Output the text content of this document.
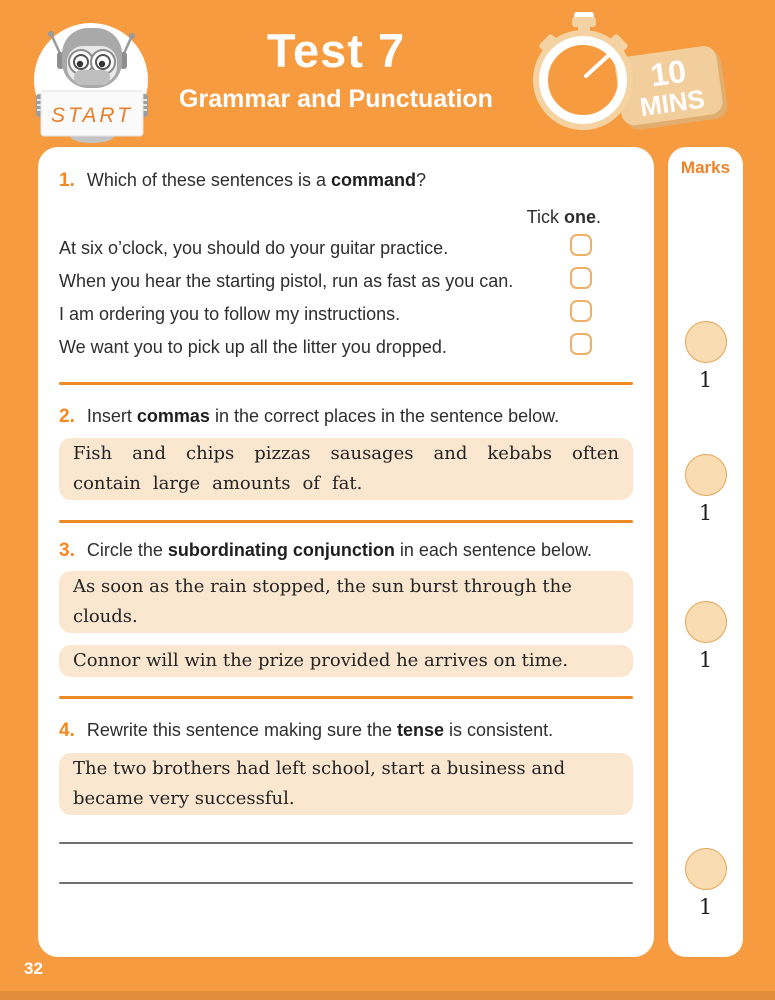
START
Test 7
Grammar and Punctuation
10
MINS

1. Which of these sentences is a command?

Tick one.
At six o’clock, you should do your guitar practice.
When you hear the starting pistol, run as fast as you can.
I am ordering you to follow my instructions.
We want you to pick up all the litter you dropped.

2. Insert commas in the correct places in the sentence below.

Fish and chips pizzas sausages and kebabs often contain large amounts of fat.

3. Circle the subordinating conjunction in each sentence below.

As soon as the rain stopped, the sun burst through the clouds.
Connor will win the prize provided he arrives on time.

4. Rewrite this sentence making sure the tense is consistent.

The two brothers had left school, start a business and became very successful.
Marks
1
1
1
1
32
